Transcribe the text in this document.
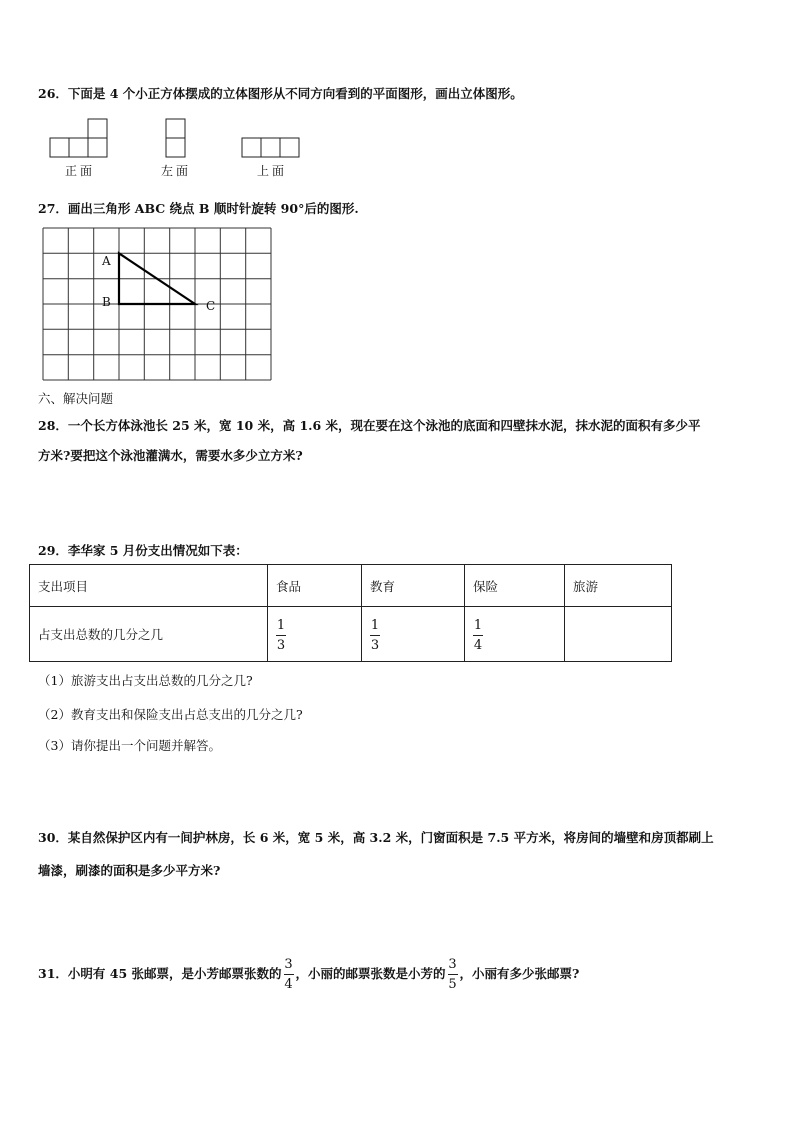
26．下面是 4 个小正方体摆成的立体图形从不同方向看到的平面图形，画出立体图形。
正面	左面	上面
27．画出三角形 ABC 绕点 B 顺时针旋转 90°后的图形.
A
B	C
六、解决问题
28．一个长方体泳池长 25 米，宽 10 米，高 1.6 米，现在要在这个泳池的底面和四壁抹水泥，抹水泥的面积有多少平
方米?要把这个泳池灌满水，需要水多少立方米?
29．李华家 5 月份支出情况如下表：
支出项目	食品	教育	保险	旅游
占支出总数的几分之几	$\frac{1}{3}$	$\frac{1}{3}$	$\frac{1}{4}$

（1）旅游支出占支出总数的几分之几?
（2）教育支出和保险支出占总支出的几分之几?
（3）请你提出一个问题并解答。
30．某自然保护区内有一间护林房，长 6 米，宽 5 米，高 3.2 米，门窗面积是 7.5 平方米，将房间的墙壁和房顶都刷上
墙漆，刷漆的面积是多少平方米?
31．小明有 45 张邮票，是小芳邮票张数的 $\frac{3}{4}$ ，小丽的邮票张数是小芳的 $\frac{3}{5}$ ，小丽有多少张邮票?
